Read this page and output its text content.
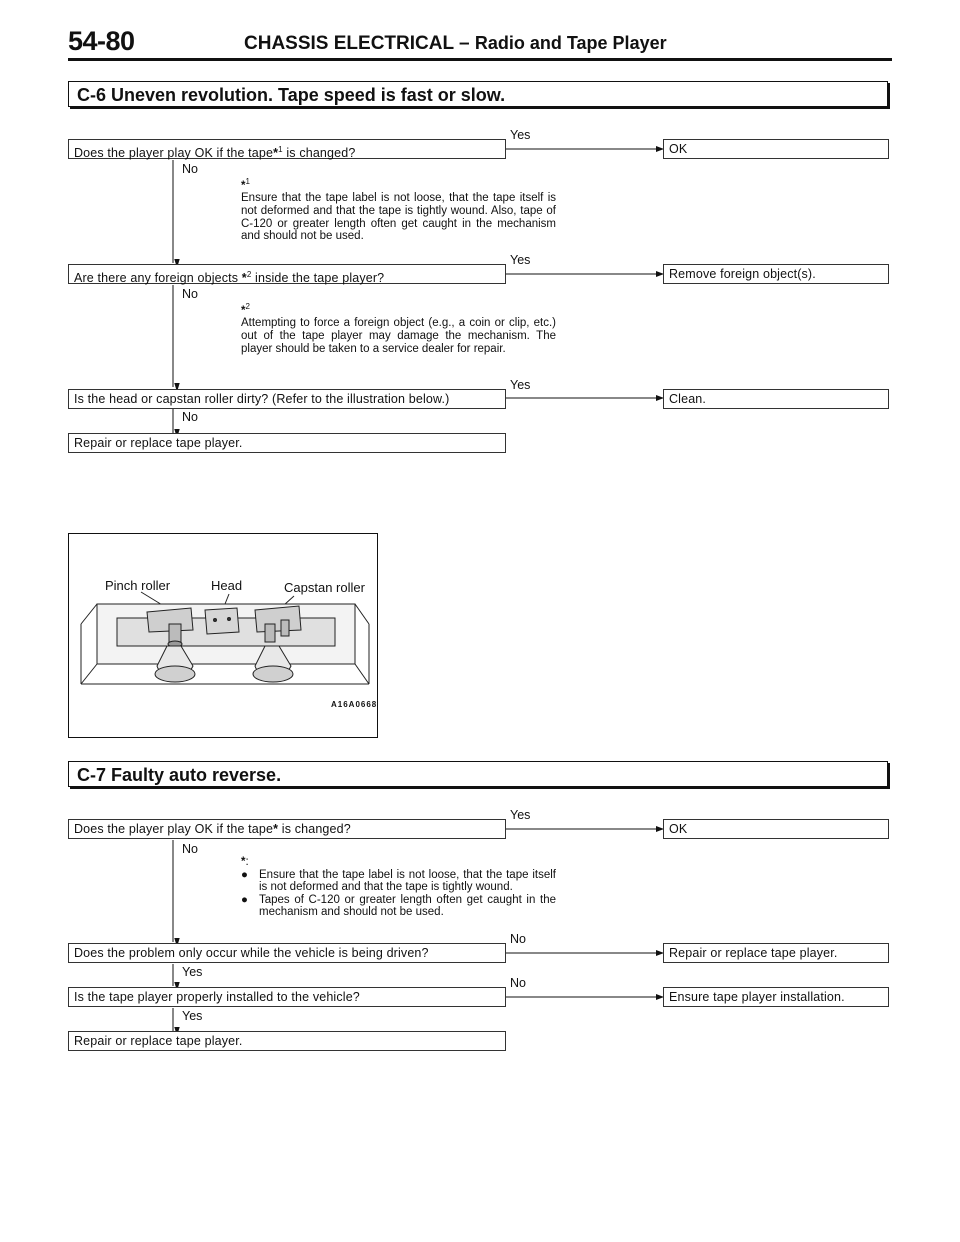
54-80	CHASSIS ELECTRICAL – Radio and Tape Player
C-6 Uneven revolution. Tape speed is fast or slow.
Does the player play OK if the tape*$^1$ is changed?
Yes
OK
No
*$^1$
Ensure that the tape label is not loose, that the tape itself is not deformed and that the tape is tightly wound. Also, tape of C-120 or greater length often get caught in the mechanism and should not be used.
Are there any foreign objects *$^2$ inside the tape player?
Yes
Remove foreign object(s).
No
*$^2$
Attempting to force a foreign object (e.g., a coin or clip, etc.) out of the tape player may damage the mechanism. The player should be taken to a service dealer for repair.
Is the head or capstan roller dirty? (Refer to the illustration below.)
Yes
Clean.
No
Repair or replace tape player.
Pinch roller	Head	Capstan roller
A16A0668
C-7 Faulty auto reverse.
Does the player play OK if the tape* is changed?
Yes
OK
No
*:
● Ensure that the tape label is not loose, that the tape itself is not deformed and that the tape is tightly wound.
● Tapes of C-120 or greater length often get caught in the mechanism and should not be used.
Does the problem only occur while the vehicle is being driven?
No
Repair or replace tape player.
Yes
Is the tape player properly installed to the vehicle?
No
Ensure tape player installation.
Yes
Repair or replace tape player.
